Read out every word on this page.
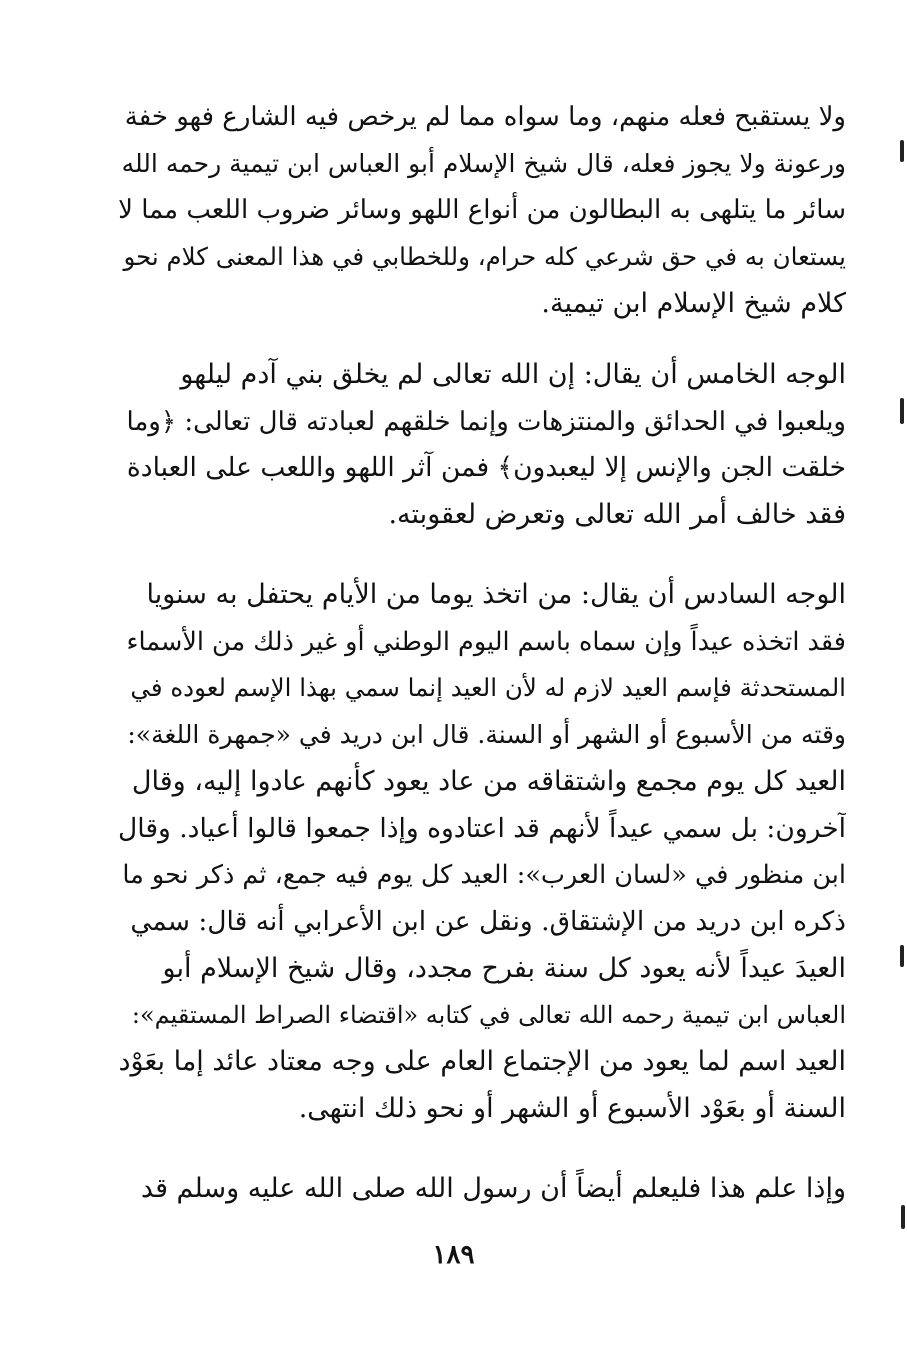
ولا يستقبح فعله منهم، وما سواه مما لم يرخص فيه الشارع فهو خفة
ورعونة ولا يجوز فعله، قال شيخ الإسلام أبو العباس ابن تيمية رحمه الله
سائر ما يتلهى به البطالون من أنواع اللهو وسائر ضروب اللعب مما لا
يستعان به في حق شرعي كله حرام، وللخطابي في هذا المعنى كلام نحو
كلام شيخ الإسلام ابن تيمية.
الوجه الخامس أن يقال: إن الله تعالى لم يخلق بني آدم ليلهو
ويلعبوا في الحدائق والمنتزهات وإنما خلقهم لعبادته قال تعالى: ﴿وما
خلقت الجن والإنس إلا ليعبدون﴾ فمن آثر اللهو واللعب على العبادة
فقد خالف أمر الله تعالى وتعرض لعقوبته.
الوجه السادس أن يقال: من اتخذ يوما من الأيام يحتفل به سنويا
فقد اتخذه عيداً وإن سماه باسم اليوم الوطني أو غير ذلك من الأسماء
المستحدثة فإسم العيد لازم له لأن العيد إنما سمي بهذا الإسم لعوده في
وقته من الأسبوع أو الشهر أو السنة. قال ابن دريد في «جمهرة اللغة»:
العيد كل يوم مجمع واشتقاقه من عاد يعود كأنهم عادوا إليه، وقال
آخرون: بل سمي عيداً لأنهم قد اعتادوه وإذا جمعوا قالوا أعياد. وقال
ابن منظور في «لسان العرب»: العيد كل يوم فيه جمع، ثم ذكر نحو ما
ذكره ابن دريد من الإشتقاق. ونقل عن ابن الأعرابي أنه قال: سمي
العيدَ عيداً لأنه يعود كل سنة بفرح مجدد، وقال شيخ الإسلام أبو
العباس ابن تيمية رحمه الله تعالى في كتابه «اقتضاء الصراط المستقيم»:
العيد اسم لما يعود من الإجتماع العام على وجه معتاد عائد إما بعَوْد
السنة أو بعَوْد الأسبوع أو الشهر أو نحو ذلك انتهى.
وإذا علم هذا فليعلم أيضاً أن رسول الله صلى الله عليه وسلم قد
١٨٩
